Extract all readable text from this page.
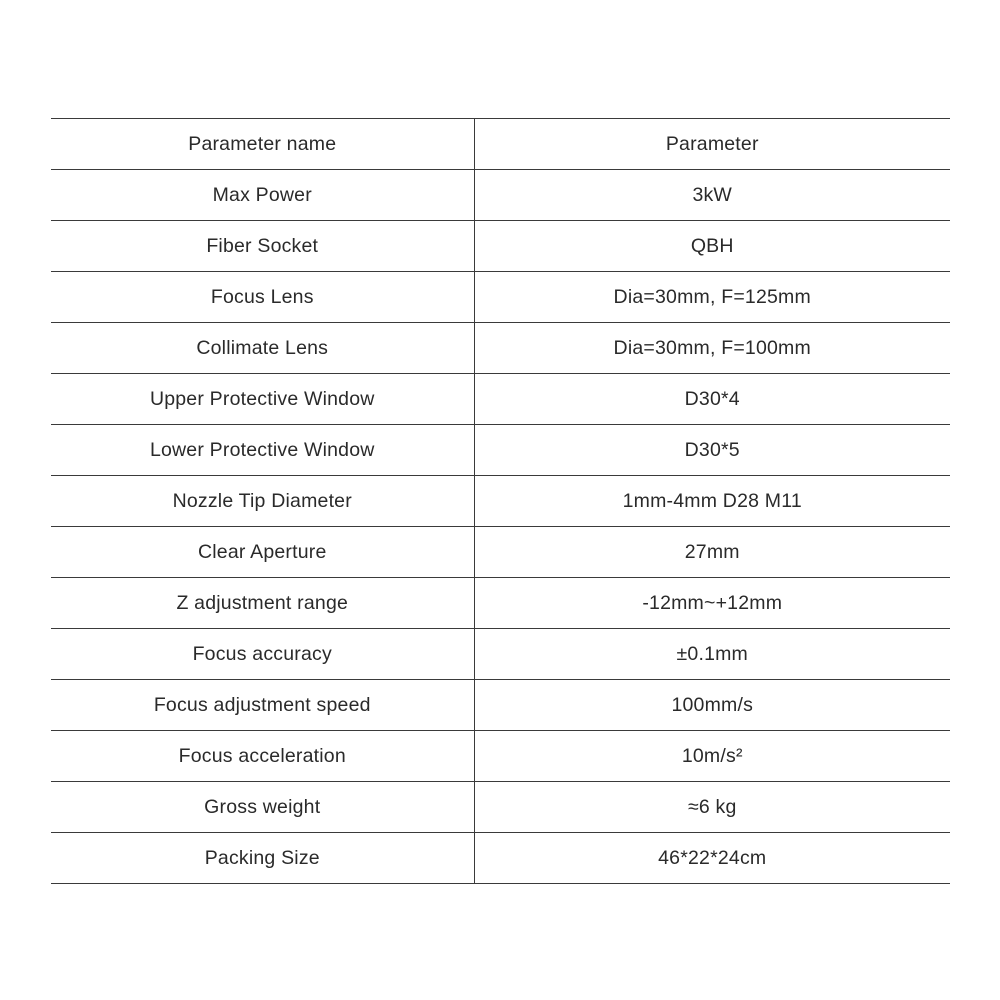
Parameter name	Parameter
Max Power	3kW
Fiber Socket	QBH
Focus Lens	Dia=30mm, F=125mm
Collimate Lens	Dia=30mm, F=100mm
Upper Protective Window	D30*4
Lower Protective Window	D30*5
Nozzle Tip Diameter	1mm-4mm D28 M11
Clear Aperture	27mm
Z adjustment range	-12mm~+12mm
Focus accuracy	±0.1mm
Focus adjustment speed	100mm/s
Focus acceleration	10m/s²
Gross weight	≈6 kg
Packing Size	46*22*24cm
